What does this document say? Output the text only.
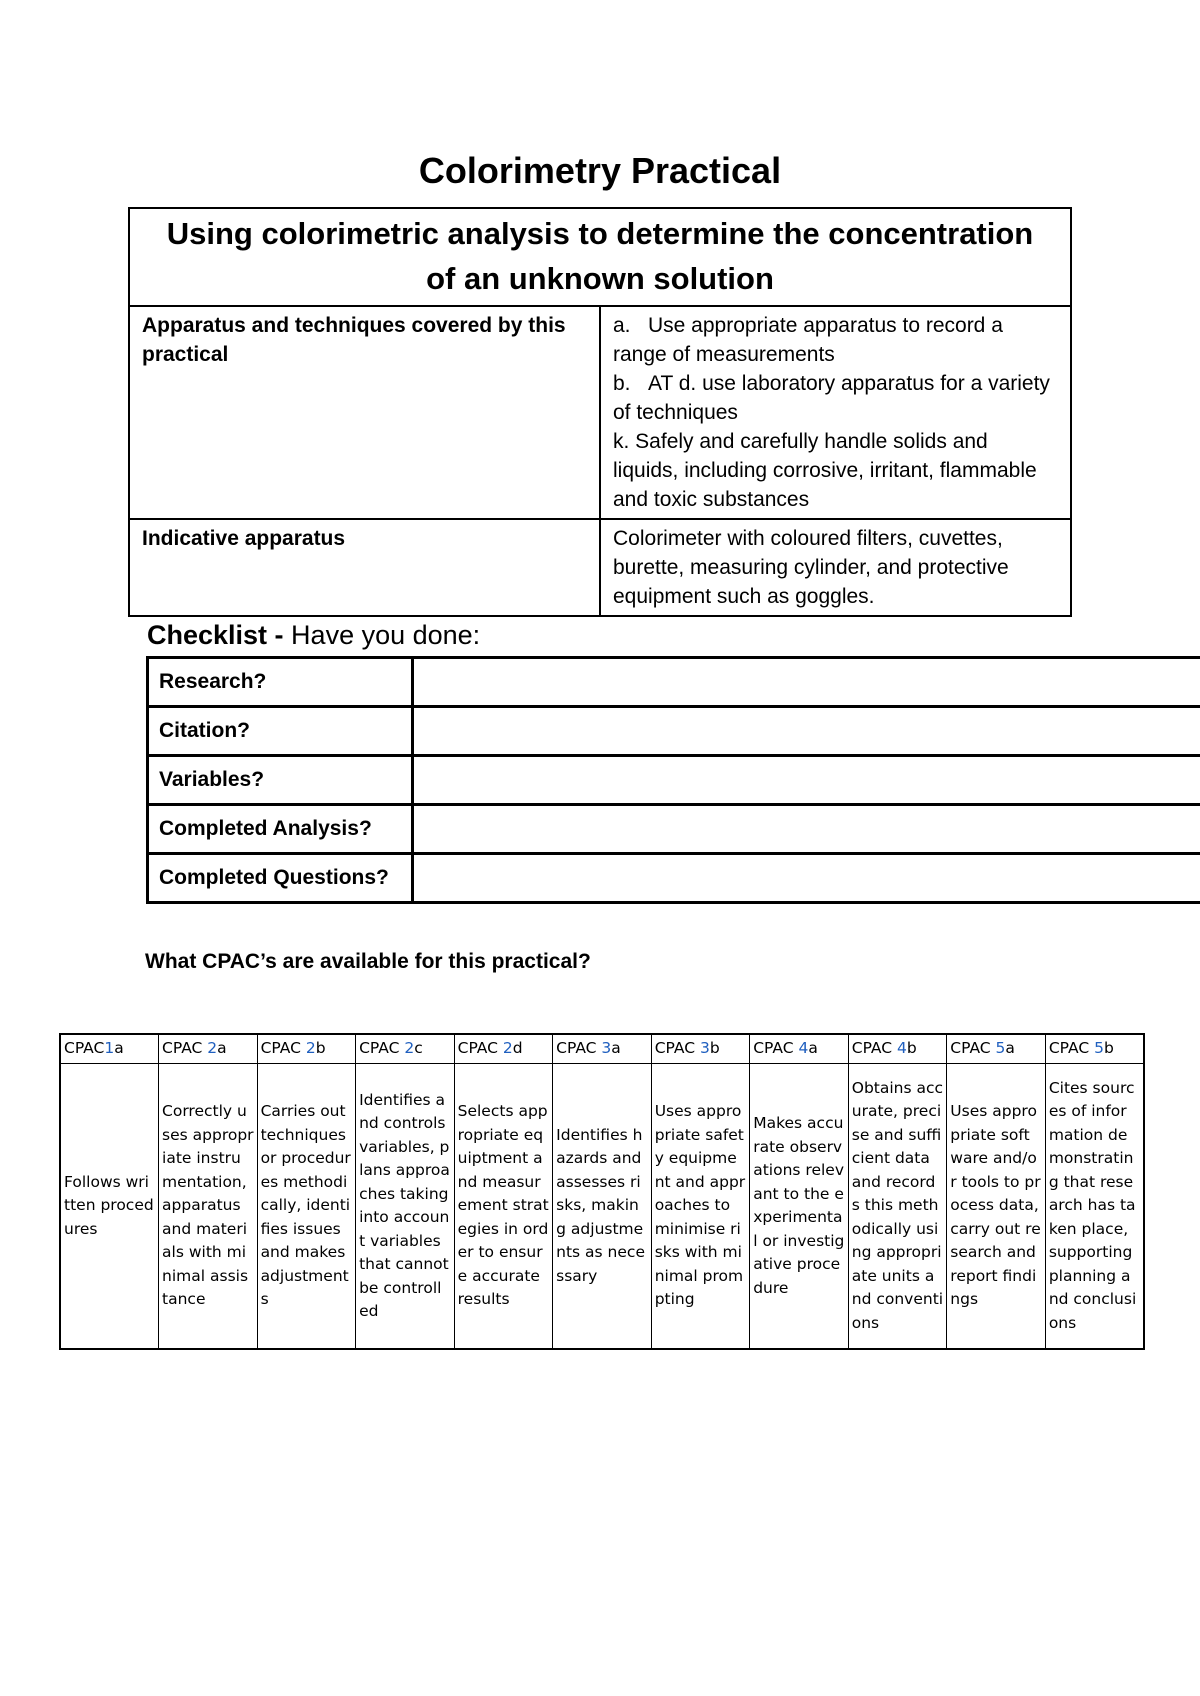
Colorimetry Practical
Using colorimetric analysis to determine the concentration of an unknown solution	
Apparatus and techniques covered by this practical	a. Use appropriate apparatus to record a range of measurements
b. AT d. use laboratory apparatus for a variety of techniques
k. Safely and carefully handle solids and liquids, including corrosive, irritant, flammable and toxic substances

Indicative apparatus	Colorimeter with coloured filters, cuvettes, burette, measuring cylinder, and protective equipment such as goggles.
Checklist - Have you done:
Research?	
Citation?	
Variables?	
Completed Analysis?	
Completed Questions?	

What CPAC’s are available for this practical?

CPAC1a	CPAC 2a	CPAC 2b	CPAC 2c	CPAC 2d	CPAC 3a	CPAC 3b	CPAC 4a	CPAC 4b	CPAC 5a	CPAC 5b
Follows written procedures	Correctly uses appropriate instrumentation, apparatus and materials with minimal assistance	Carries out techniques or procedures methodically, identifies issues and makes adjustments	Identifies and controls variables, plans approaches taking into account variables that cannot be controlled	Selects appropriate equiptment and measurement strategies in order to ensure accurate results	Identifies hazards and assesses risks, making adjustments as necessary	Uses appropriate safety equipment and approaches to minimise risks with minimal prompting	Makes accurate observations relevant to the experimental or investigative procedure	Obtains accurate, precise and sufficient data and records this methodically using appropriate units and conventions	Uses appropriate software and/or tools to process data, carry out research and report findings	Cites sources of information demonstrating that research has taken place, supporting planning and conclusions
